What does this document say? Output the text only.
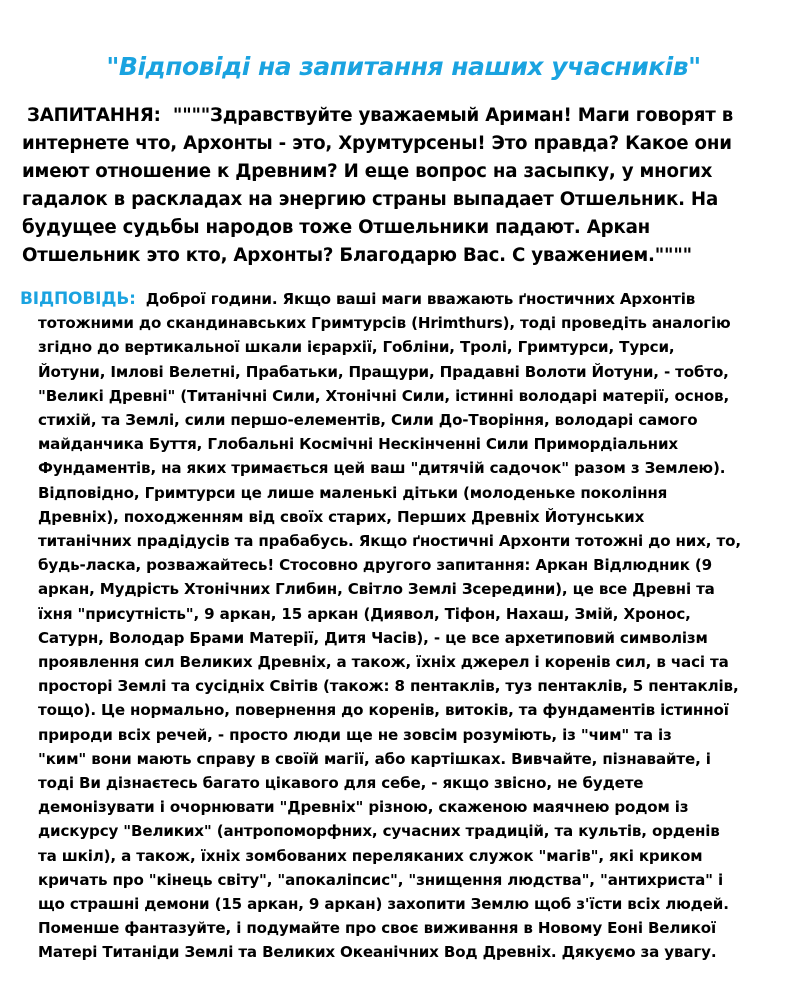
"Відповіді на запитання наших учасників"
ЗАПИТАННЯ: """"Здравствуйте уважаемый Ариман! Маги говорят в
интернете что, Архонты - это, Хрумтурсены! Это правда? Какое они
имеют отношение к Древним? И еще вопрос на засыпку, у многих
гадалок в раскладах на энергию страны выпадает Отшельник. На
будущее судьбы народов тоже Отшельники падают. Аркан
Отшельник это кто, Архонты? Благодарю Вас. С уважением.""""
ВІДПОВІДЬ: Доброї години. Якщо ваші маги вважають ґностичних Архонтів
тотожними до скандинавських Гримтурсів (Hrimthurs), тоді проведіть аналогію
згідно до вертикальної шкали ієрархії, Гобліни, Тролі, Гримтурси, Турси,
Йотуни, Імлові Велетні, Прабатьки, Пращури, Прадавні Волоти Йотуни, - тобто,
"Великі Древні" (Титанічні Сили, Хтонічні Сили, істинні володарі матерії, основ,
стихій, та Землі, сили першо-елементів, Сили До-Творіння, володарі самого
майданчика Буття, Глобальні Космічні Нескінченні Сили Примордіальних
Фундаментів, на яких тримається цей ваш "дитячій садочок" разом з Землею).
Відповідно, Гримтурси це лише маленькі дітьки (молоденьке покоління
Древніх), походженням від своїх старих, Перших Древніх Йотунських
титанічних прадідусів та прабабусь. Якщо ґностичні Архонти тотожні до них, то,
будь-ласка, розважайтесь! Стосовно другого запитання: Аркан Відлюдник (9
аркан, Мудрість Хтонічних Глибин, Світло Землі Зсередини), це все Древні та
їхня "присутність", 9 аркан, 15 аркан (Диявол, Тіфон, Нахаш, Змій, Хронос,
Сатурн, Володар Брами Матерії, Дитя Часів), - це все архетиповий символізм
проявлення сил Великих Древніх, а також, їхніх джерел і коренів сил, в часі та
просторі Землі та сусідніх Світів (також: 8 пентаклів, туз пентаклів, 5 пентаклів,
тощо). Це нормально, повернення до коренів, витоків, та фундаментів істинної
природи всіх речей, - просто люди ще не зовсім розуміють, із "чим" та із
"ким" вони мають справу в своїй магії, або картішках. Вивчайте, пізнавайте, і
тоді Ви дізнаєтесь багато цікавого для себе, - якщо звісно, не будете
демонізувати і очорнювати "Древніх" різною, скаженою маячнею родом із
дискурсу "Великих" (антропоморфних, сучасних традицій, та культів, орденів
та шкіл), а також, їхніх зомбованих переляканих служок "магів", які криком
кричать про "кінець світу", "апокаліпсис", "знищення людства", "антихриста" і
що страшні демони (15 аркан, 9 аркан) захопити Землю щоб з'їсти всіх людей.
Поменше фантазуйте, і подумайте про своє виживання в Новому Еоні Великої
Матері Титаніди Землі та Великих Океанічних Вод Древніх. Дякуємо за увагу.
